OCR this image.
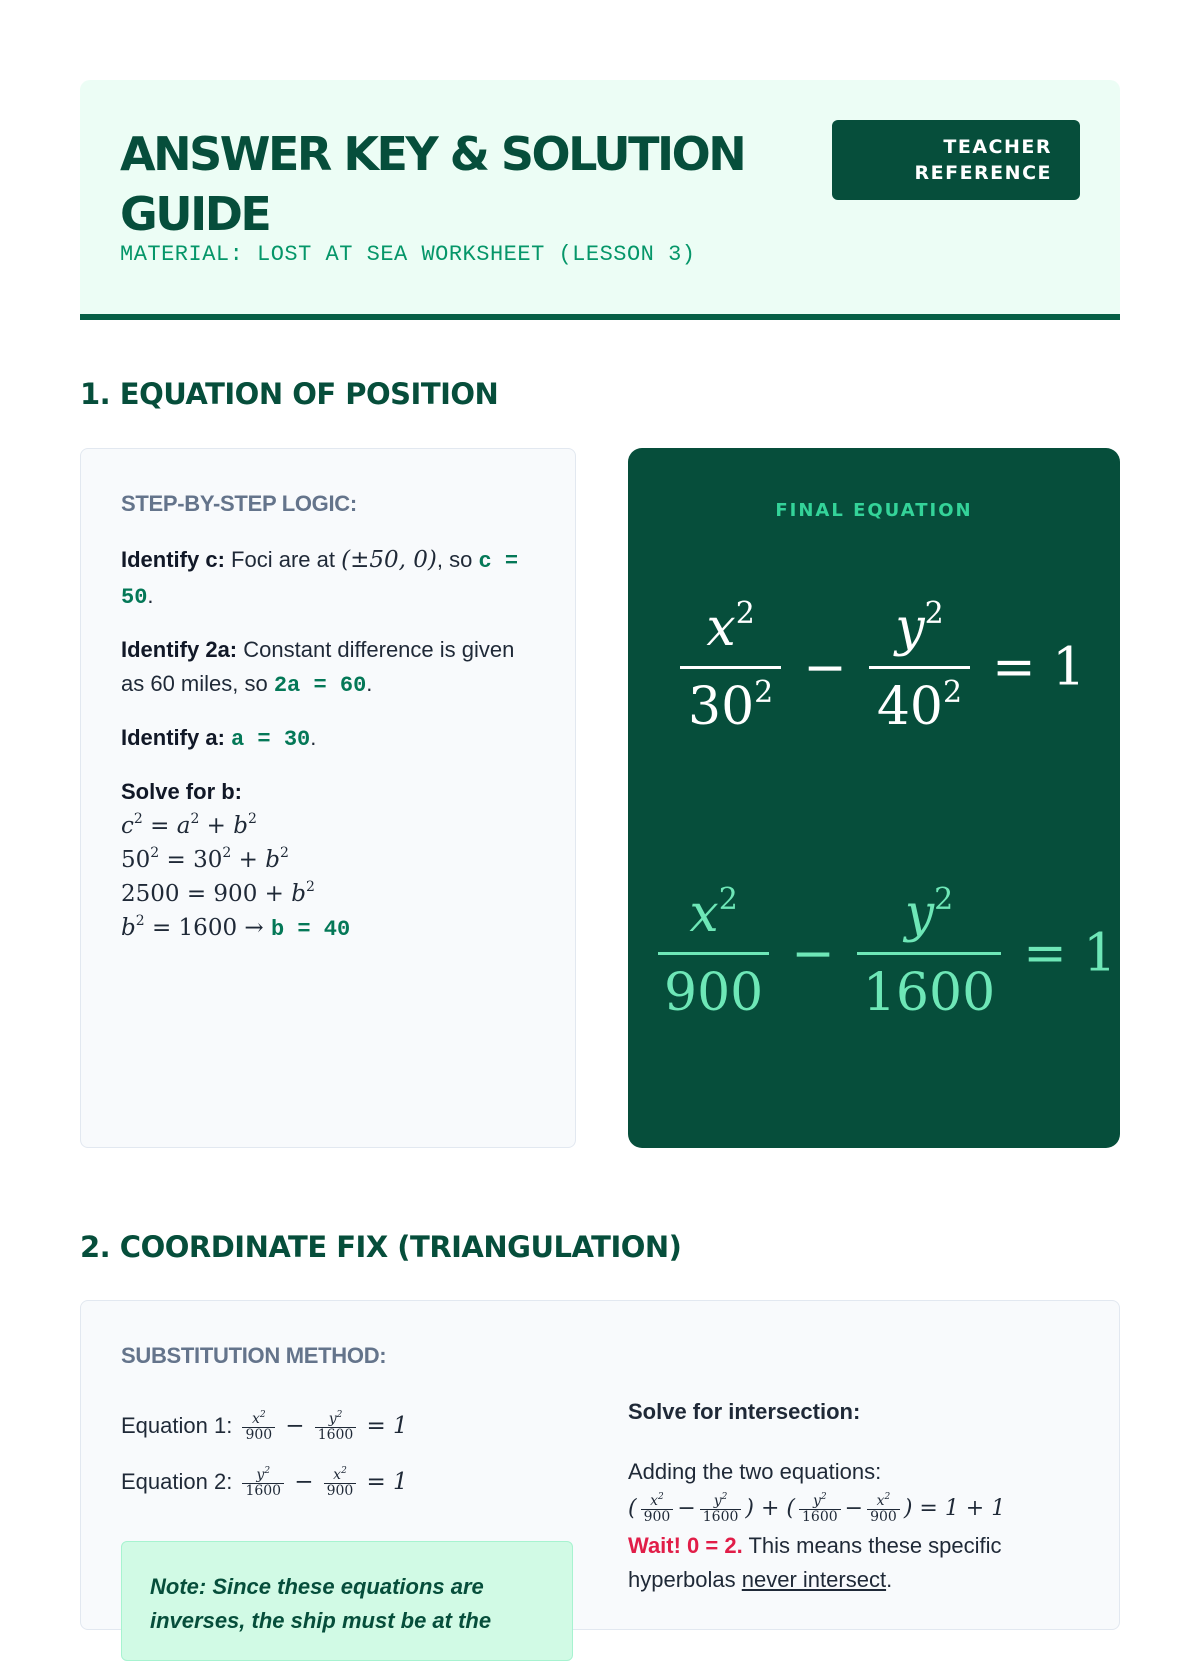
ANSWER KEY & SOLUTION GUIDE
MATERIAL: LOST AT SEA WORKSHEET (LESSON 3)
TEACHER
REFERENCE
1. EQUATION OF POSITION
STEP-BY-STEP LOGIC:
Identify c: Foci are at (±50, 0), so c = 50.
Identify 2a: Constant difference is given as 60 miles, so 2a = 60.
Identify a: a = 30.
Solve for b:
$c^2 = a^2 + b^2$
$50^2 = 30^2 + b^2$
$2500 = 900 + b^2$
$b^2 = 1600 \to b = 40$
FINAL EQUATION
$\frac{x^2}{30^2} - \frac{y^2}{40^2} = 1$
$\frac{x^2}{900} - \frac{y^2}{1600} = 1$
2. COORDINATE FIX (TRIANGULATION)
SUBSTITUTION METHOD:
Equation 1: $\frac{x^2}{900} - \frac{y^2}{1600} = 1$
Equation 2: $\frac{y^2}{1600} - \frac{x^2}{900} = 1$
Note: Since these equations are inverses, the ship must be at the
Solve for intersection:
Adding the two equations:
( $\frac{x^2}{900} - \frac{y^2}{1600}$ ) + ( $\frac{y^2}{1600} - \frac{x^2}{900}$ ) = 1 + 1
Wait! 0 = 2. This means these specific
hyperbolas never intersect.
